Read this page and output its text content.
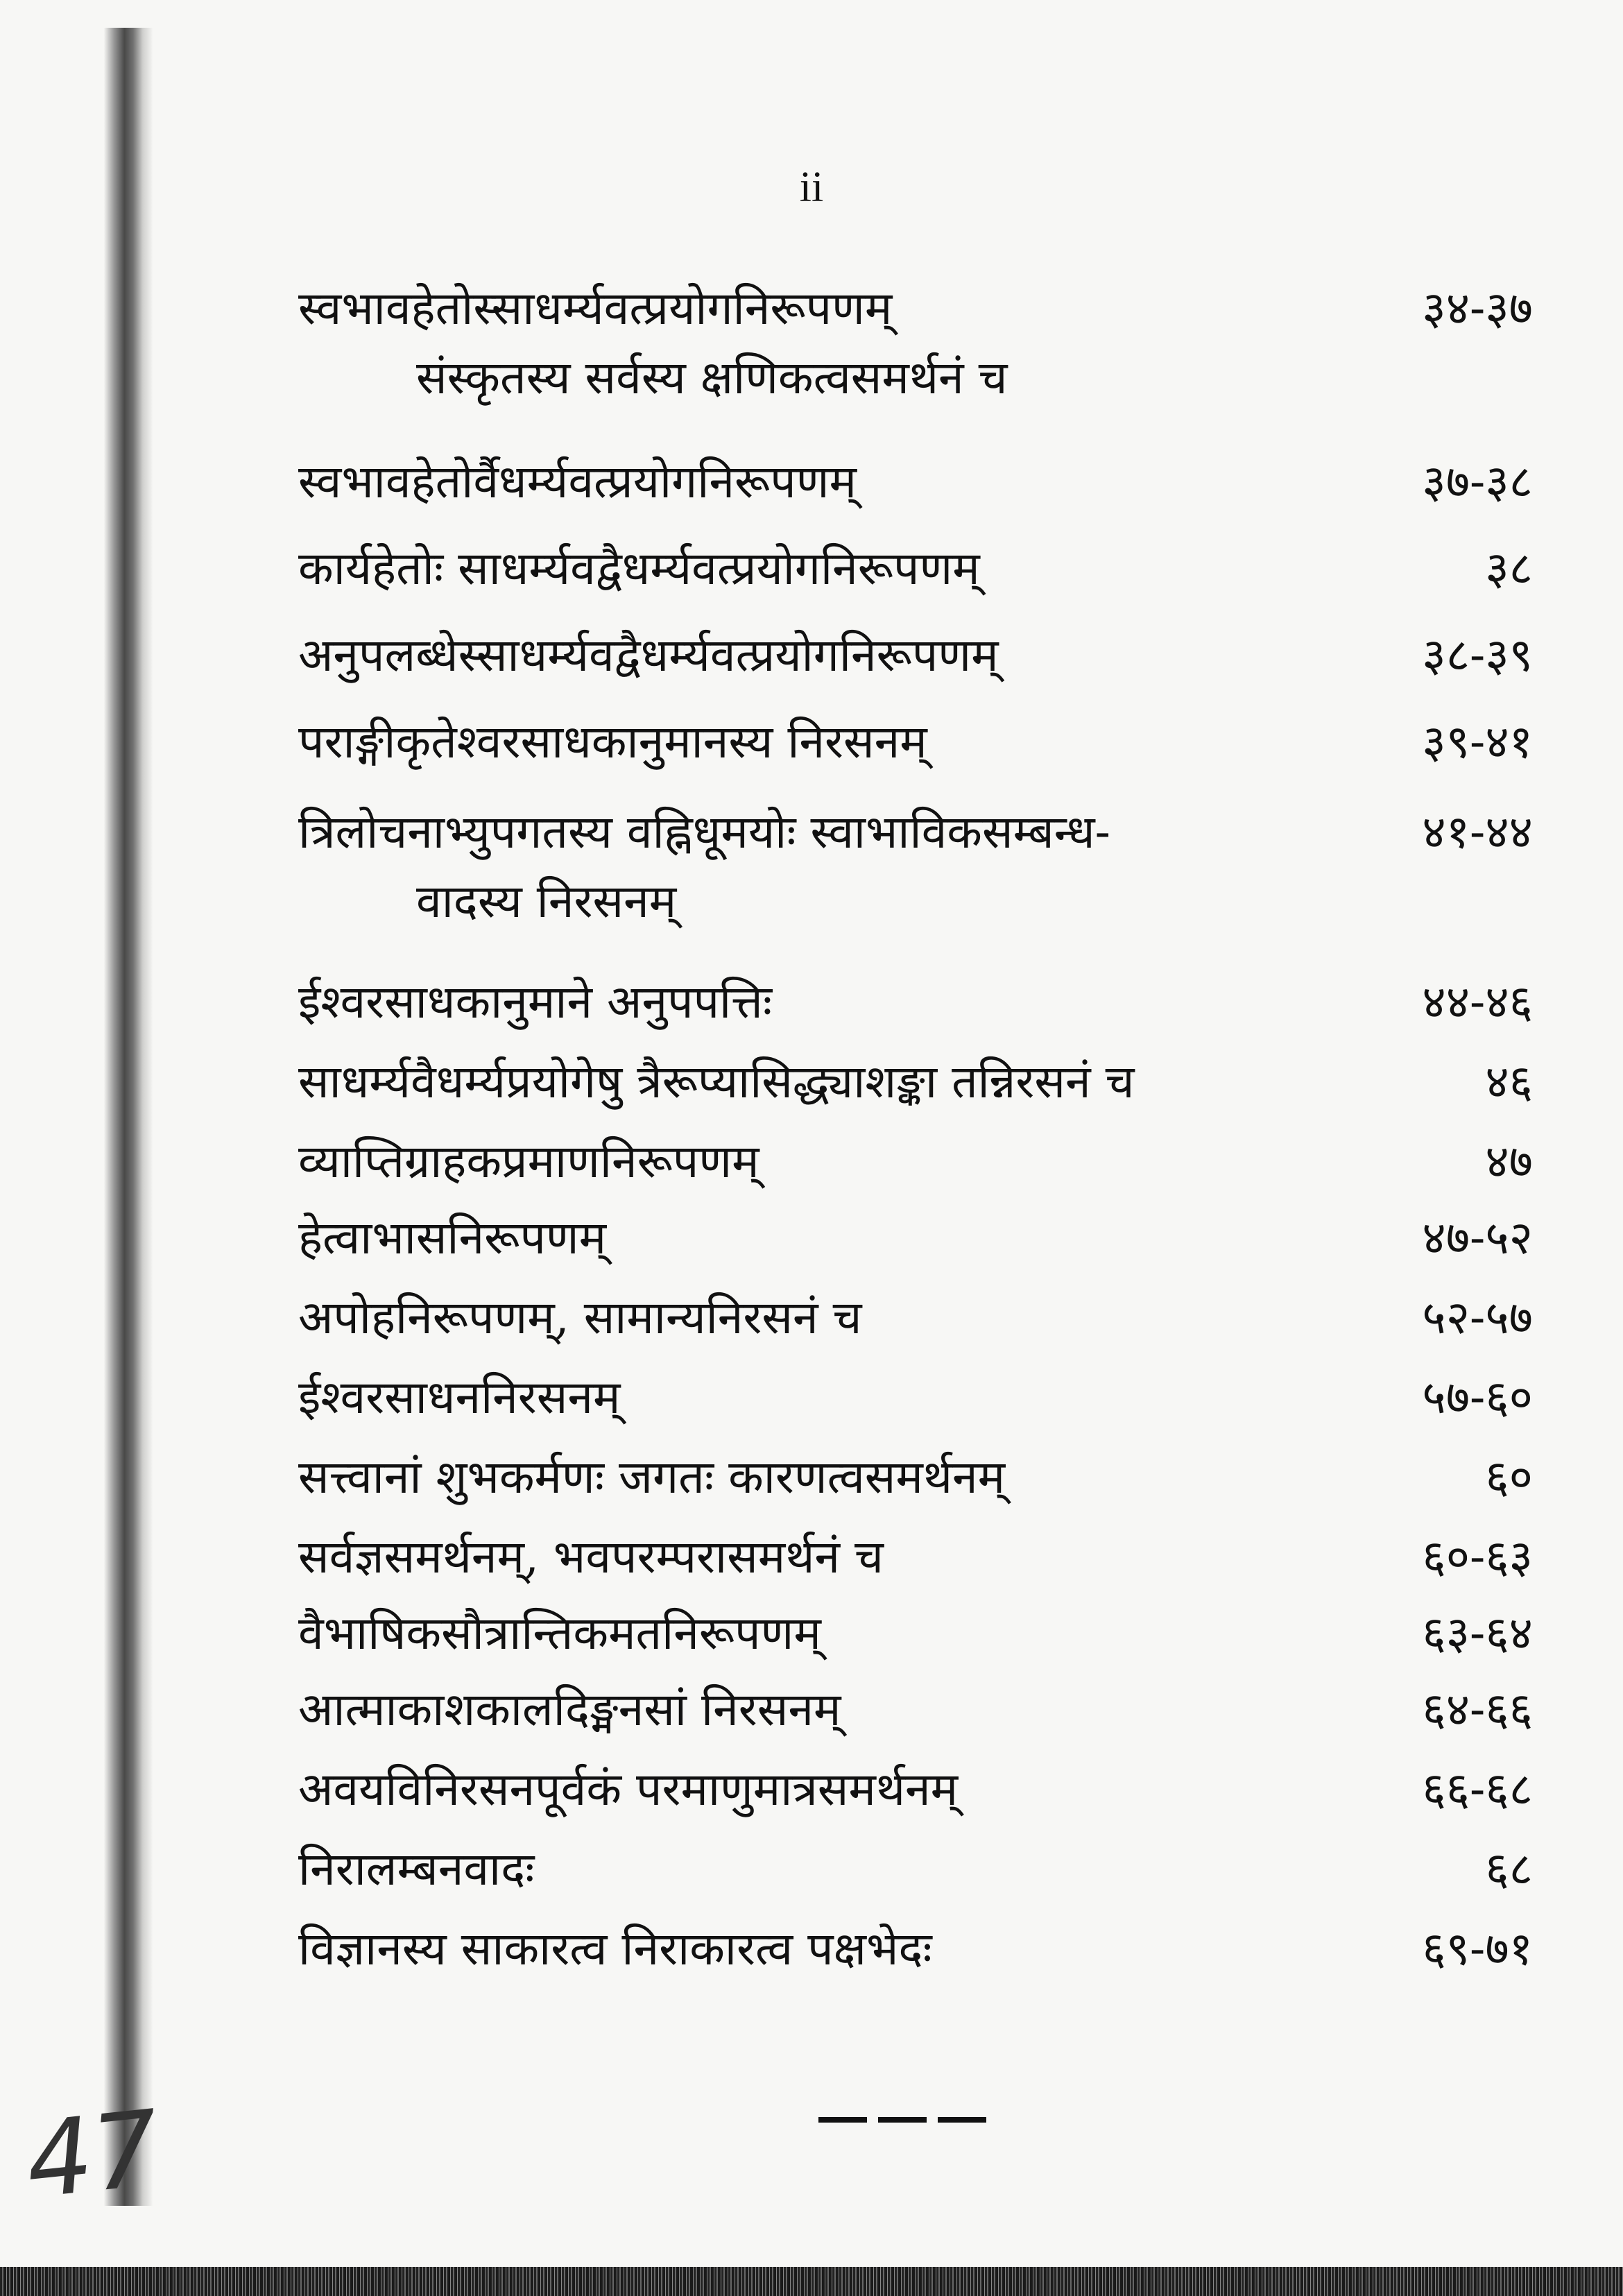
ii
स्वभावहेतोस्साधर्म्यवत्प्रयोगनिरूपणम्	३४-३७
संस्कृतस्य सर्वस्य क्षणिकत्वसमर्थनं च
स्वभावहेतोर्वैधर्म्यवत्प्रयोगनिरूपणम्	३७-३८
कार्यहेतोः साधर्म्यवद्वैधर्म्यवत्प्रयोगनिरूपणम्	३८
अनुपलब्धेस्साधर्म्यवद्वैधर्म्यवत्प्रयोगनिरूपणम्	३८-३९
पराङ्गीकृतेश्वरसाधकानुमानस्य निरसनम्	३९-४१
त्रिलोचनाभ्युपगतस्य वह्निधूमयोः स्वाभाविकसम्बन्ध-	४१-४४
वादस्य निरसनम्
ईश्वरसाधकानुमाने अनुपपत्तिः	४४-४६
साधर्म्यवैधर्म्यप्रयोगेषु त्रैरूप्यासिद्ध्याशङ्का तन्निरसनं च	४६
व्याप्तिग्राहकप्रमाणनिरूपणम्	४७
हेत्वाभासनिरूपणम्	४७-५२
अपोहनिरूपणम्, सामान्यनिरसनं च	५२-५७
ईश्वरसाधननिरसनम्	५७-६०
सत्त्वानां शुभकर्मणः जगतः कारणत्वसमर्थनम्	६०
सर्वज्ञसमर्थनम्, भवपरम्परासमर्थनं च	६०-६३
वैभाषिकसौत्रान्तिकमतनिरूपणम्	६३-६४
आत्माकाशकालदिङ्मनसां निरसनम्	६४-६६
अवयविनिरसनपूर्वकं परमाणुमात्रसमर्थनम्	६६-६८
निरालम्बनवादः	६८
विज्ञानस्य साकारत्व निराकारत्व पक्षभेदः	६९-७१
47
